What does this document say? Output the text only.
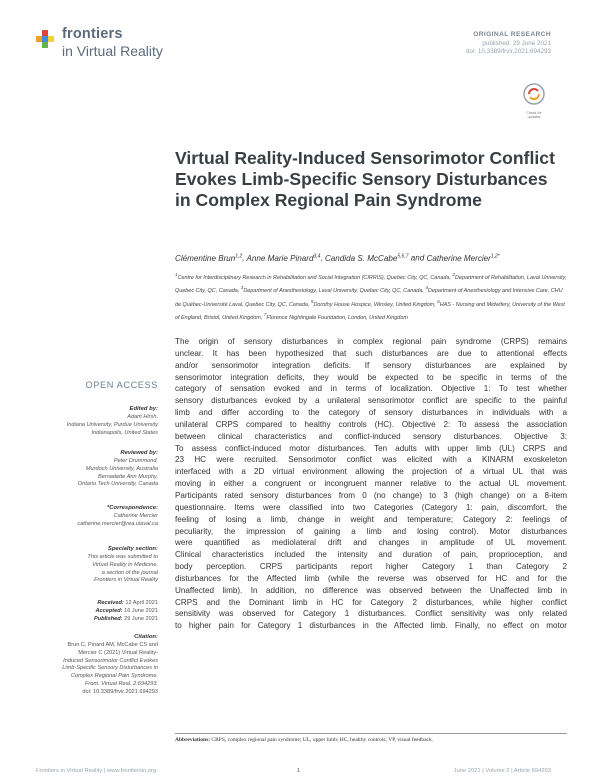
frontiers
in Virtual Reality
ORIGINAL RESEARCH
published: 29 June 2021
doi: 10.3389/frvir.2021.694293
Check for updates
Virtual Reality-Induced Sensorimotor Conflict Evokes Limb-Specific Sensory Disturbances in Complex Regional Pain Syndrome
Clémentine Brun$^{1,2}$, Anne Marie Pinard$^{3,4}$, Candida S. McCabe$^{5,6,7}$ and Catherine Mercier$^{1,2*}$
$^1$Centre for Interdisciplinary Research in Rehabilitation and Social Integration (CIRRIS), Quebec City, QC, Canada, $^2$Department of Rehabilitation, Laval University, Quebec City, QC, Canada, $^3$Department of Anesthesiology, Laval University, Quebec City, QC, Canada, $^4$Department of Anesthesiology and Intensive Care, CHU de Québec-Université Laval, Quebec City, QC, Canada, $^5$Dorothy House Hospice, Winsley, United Kingdom, $^6$HAS - Nursing and Midwifery, University of the West of England, Bristol, United Kingdom, $^7$Florence Nightingale Foundation, London, United Kingdom
OPEN ACCESS
Edited by:
Adam Hirsh,
Indiana University, Purdue University
Indianapolis, United States
Reviewed by:
Peter Drummond,
Murdoch University, Australia
Bernadette Ann Murphy,
Ontario Tech University, Canada
*Correspondence:
Catherine Mercier
catherine.mercier@rea.ulaval.ca
Specialty section:
This article was submitted to
Virtual Reality in Medicine,
a section of the journal
Frontiers in Virtual Reality
Received: 12 April 2021
Accepted: 16 June 2021
Published: 29 June 2021
Citation:
Brun C, Pinard AM, McCabe CS and
Mercier C (2021) Virtual Reality-
Induced Sensorimotor Conflict Evokes
Limb-Specific Sensory Disturbances in
Complex Regional Pain Syndrome.
Front. Virtual Real. 2:694293.
doi: 10.3389/frvir.2021.694293
The origin of sensory disturbances in complex regional pain syndrome (CRPS) remains
unclear. It has been hypothesized that such disturbances are due to attentional effects
and/or sensorimotor integration deficits. If sensory disturbances are explained by
sensorimotor integration deficits, they would be expected to be specific in terms of the
category of sensation evoked and in terms of localization. Objective 1: To test whether
sensory disturbances evoked by a unilateral sensorimotor conflict are specific to the painful
limb and differ according to the category of sensory disturbances in individuals with a
unilateral CRPS compared to healthy controls (HC). Objective 2: To assess the association
between clinical characteristics and conflict-induced sensory disturbances. Objective 3:
To assess conflict-induced motor disturbances. Ten adults with upper limb (UL) CRPS and
23 HC were recruited. Sensorimotor conflict was elicited with a KINARM exoskeleton
interfaced with a 2D virtual environment allowing the projection of a virtual UL that was
moving in either a congruent or incongruent manner relative to the actual UL movement.
Participants rated sensory disturbances from 0 (no change) to 3 (high change) on a 8-item
questionnaire. Items were classified into two Categories (Category 1: pain, discomfort, the
feeling of losing a limb, change in weight and temperature; Category 2: feelings of
peculiarity, the impression of gaining a limb and losing control). Motor disturbances
were quantified as mediolateral drift and changes in amplitude of UL movement.
Clinical characteristics included the intensity and duration of pain, proprioception, and
body perception. CRPS participants report higher Category 1 than Category 2
disturbances for the Affected limb (while the reverse was observed for HC and for the
Unaffected limb). In addition, no difference was observed between the Unaffected limb in
CRPS and the Dominant limb in HC for Category 2 disturbances, while higher conflict
sensitivity was observed for Category 1 disturbances. Conflict sensitivity was only related
to higher pain for Category 1 disturbances in the Affected limb. Finally, no effect on motor
Abbreviations: CRPS, complex regional pain syndrome; UL, upper limb; HC, healthy controls; VP, visual feedback.
Frontiers in Virtual Reality | www.frontiersin.org	1	June 2021 | Volume 2 | Article 694293
